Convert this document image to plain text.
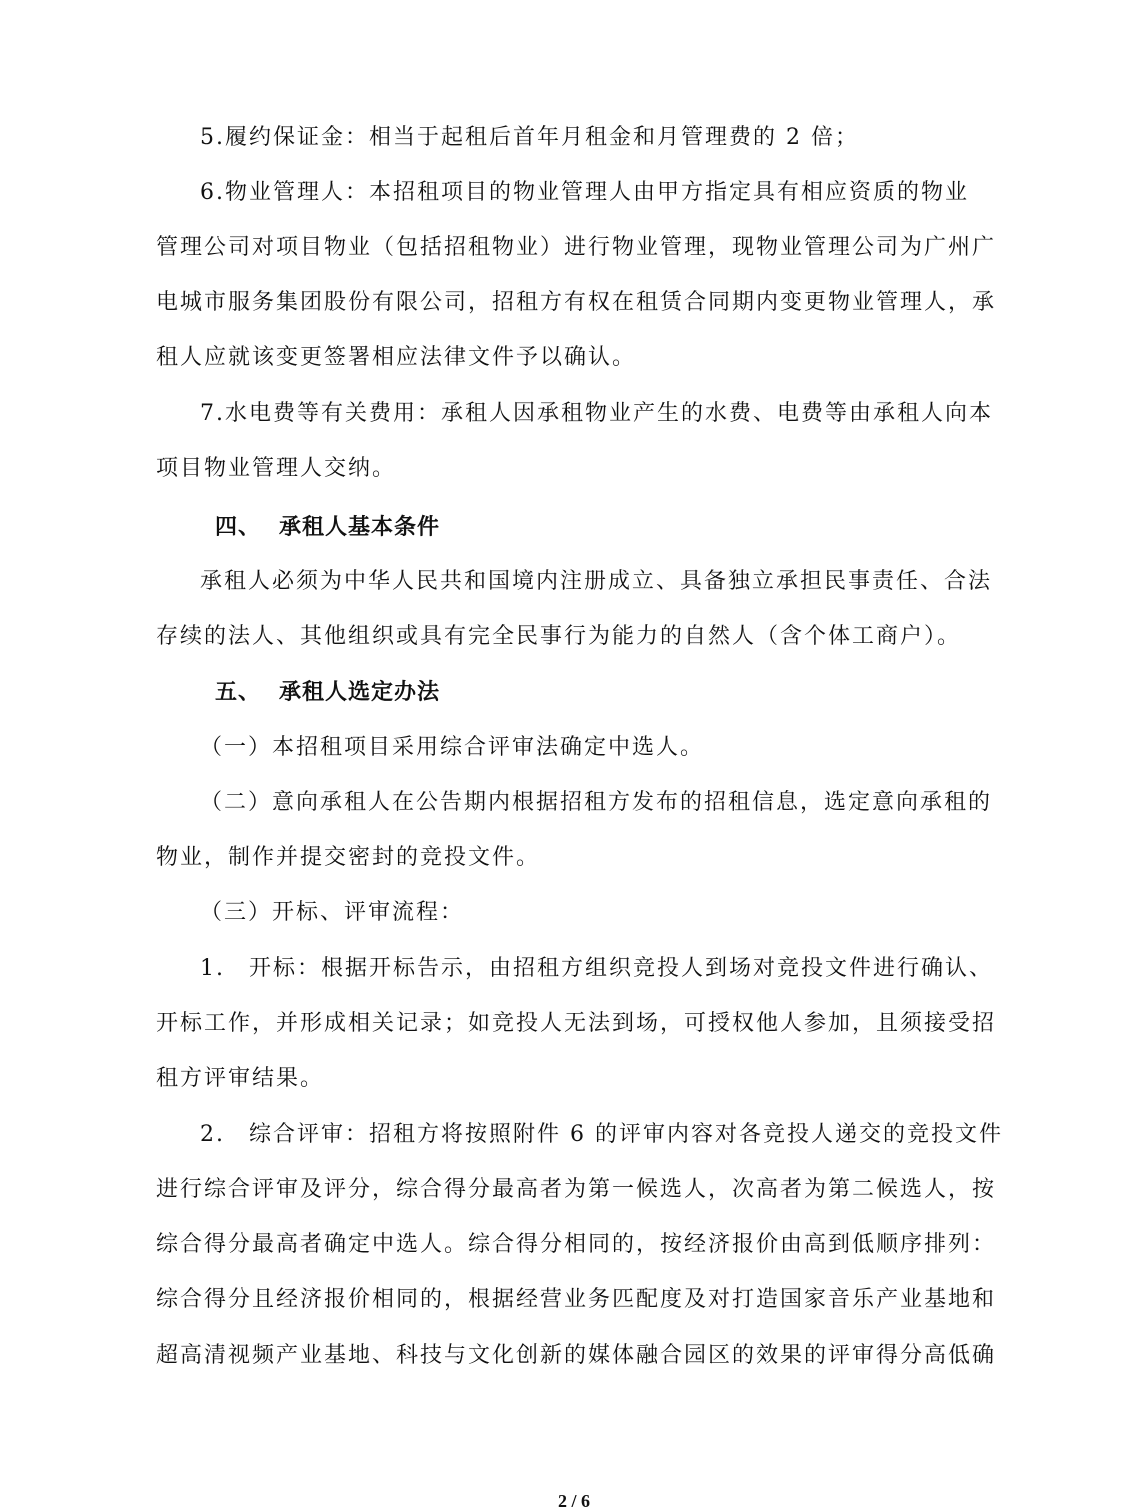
5.履约保证金：相当于起租后首年月租金和月管理费的 2 倍；
6.物业管理人：本招租项目的物业管理人由甲方指定具有相应资质的物业
管理公司对项目物业（包括招租物业）进行物业管理，现物业管理公司为广州广
电城市服务集团股份有限公司，招租方有权在租赁合同期内变更物业管理人，承
租人应就该变更签署相应法律文件予以确认。
7.水电费等有关费用：承租人因承租物业产生的水费、电费等由承租人向本
项目物业管理人交纳。
四、 承租人基本条件
承租人必须为中华人民共和国境内注册成立、具备独立承担民事责任、合法
存续的法人、其他组织或具有完全民事行为能力的自然人（含个体工商户）。
五、 承租人选定办法
（一）本招租项目采用综合评审法确定中选人。
（二）意向承租人在公告期内根据招租方发布的招租信息，选定意向承租的
物业，制作并提交密封的竞投文件。
（三）开标、评审流程：
1.　开标：根据开标告示，由招租方组织竞投人到场对竞投文件进行确认、
开标工作，并形成相关记录；如竞投人无法到场，可授权他人参加，且须接受招
租方评审结果。
2.　综合评审：招租方将按照附件 6 的评审内容对各竞投人递交的竞投文件
进行综合评审及评分，综合得分最高者为第一候选人，次高者为第二候选人，按
综合得分最高者确定中选人。综合得分相同的，按经济报价由高到低顺序排列：
综合得分且经济报价相同的，根据经营业务匹配度及对打造国家音乐产业基地和
超高清视频产业基地、科技与文化创新的媒体融合园区的效果的评审得分高低确
2 / 6
